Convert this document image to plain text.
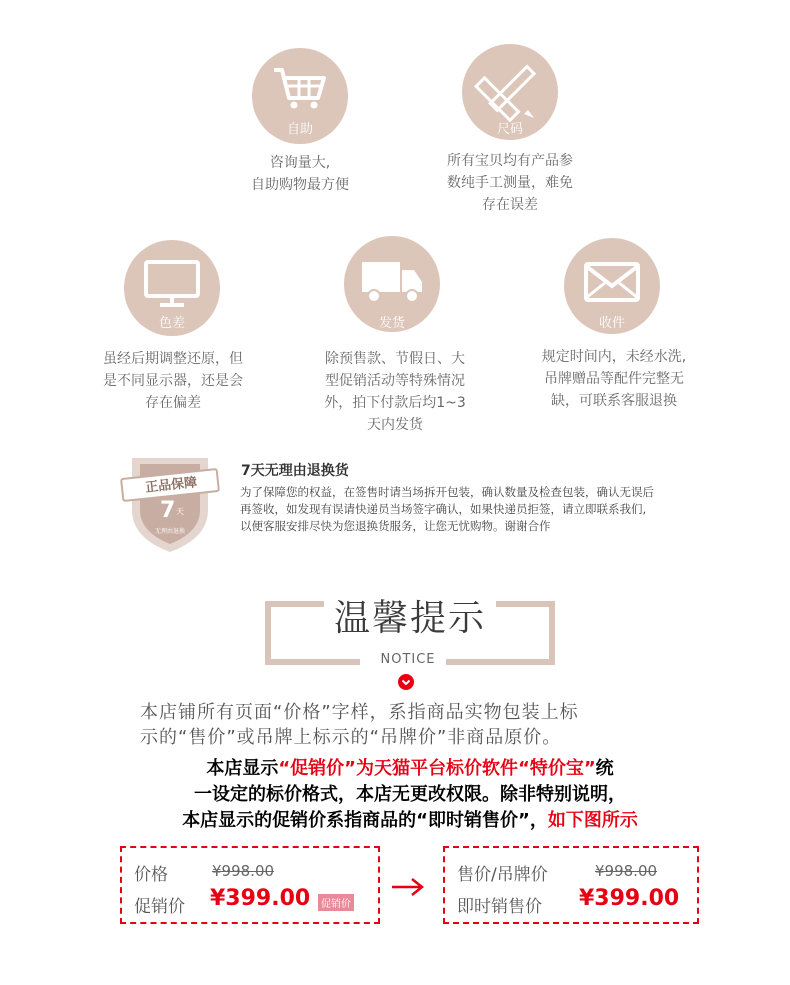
自助
咨询量大,
自助购物最方便
尺码
所有宝贝均有产品参
数纯手工测量，难免
存在误差
色差
虽经后期调整还原，但
是不同显示器，还是会
存在偏差
发货
除预售款、节假日、大
型促销活动等特殊情况
外，拍下付款后均1~3
天内发货
收件
规定时间内，未经水洗,
吊牌赠品等配件完整无
缺，可联系客服退换
正品保障
7 天
无理由退换
7天无理由退换货
为了保障您的权益，在签售时请当场拆开包装，确认数量及检查包装，确认无误后
再签收，如发现有误请快递员当场签字确认，如果快递员拒签，请立即联系我们,
以便客服安排尽快为您退换货服务，让您无忧购物。谢谢合作
温馨提示
NOTICE
本店铺所有页面“价格”字样，系指商品实物包装上标
示的“售价”或吊牌上标示的“吊牌价”非商品原价。
本店显示“促销价”为天猫平台标价软件“特价宝”统
一设定的标价格式，本店无更改权限。除非特别说明，
本店显示的促销价系指商品的“即时销售价”，如下图所示
价格	¥998.00
促销价 ¥399.00	促销价
售价/吊牌价	¥998.00
即时销售价 ¥399.00
